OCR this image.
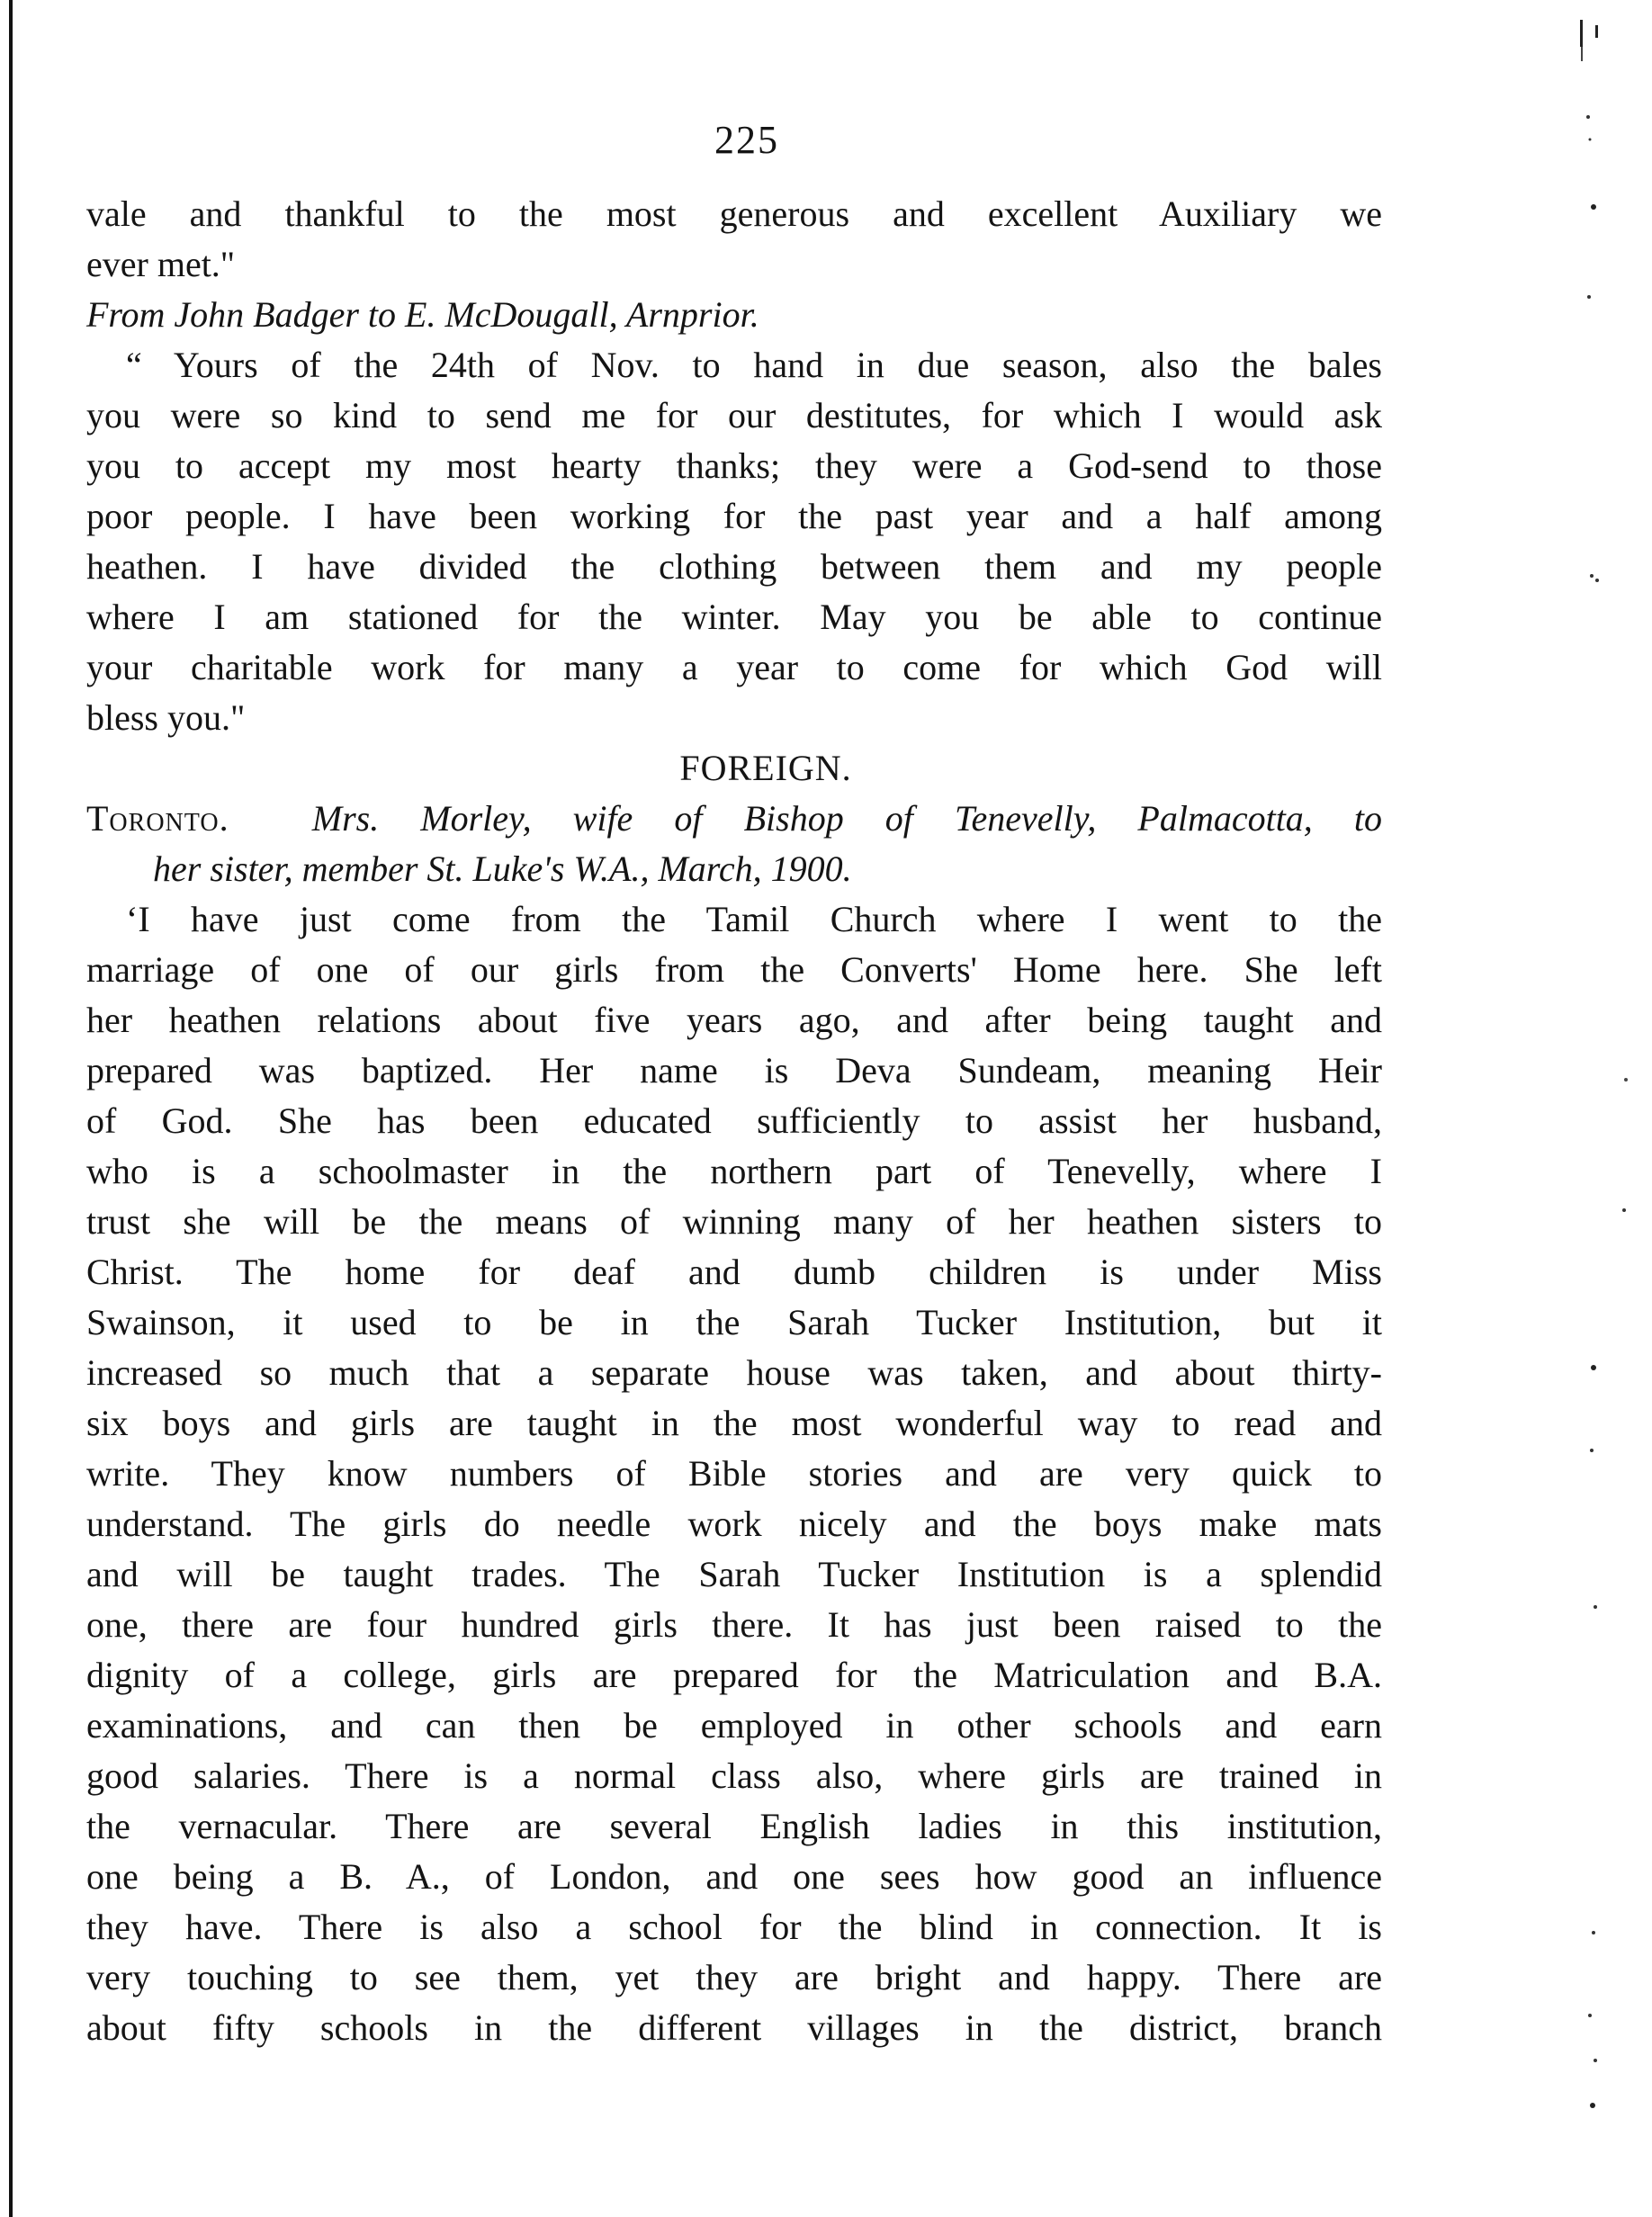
225
vale and thankful to the most generous and excellent Auxiliary we
ever met."
From John Badger to E. McDougall, Arnprior.
“ Yours of the 24th of Nov. to hand in due season, also the bales
you were so kind to send me for our destitutes, for which I would ask
you to accept my most hearty thanks; they were a God-send to those
poor people. I have been working for the past year and a half among
heathen. I have divided the clothing between them and my people
where I am stationed for the winter. May you be able to continue
your charitable work for many a year to come for which God will
bless you."
FOREIGN.
Toronto. Mrs. Morley, wife of Bishop of Tenevelly, Palmacotta, to
her sister, member St. Luke's W.A., March, 1900.
‘I have just come from the Tamil Church where I went to the
marriage of one of our girls from the Converts' Home here. She left
her heathen relations about five years ago, and after being taught and
prepared was baptized. Her name is Deva Sundeam, meaning Heir
of God. She has been educated sufficiently to assist her husband,
who is a schoolmaster in the northern part of Tenevelly, where I
trust she will be the means of winning many of her heathen sisters to
Christ. The home for deaf and dumb children is under Miss
Swainson, it used to be in the Sarah Tucker Institution, but it
increased so much that a separate house was taken, and about thirty-
six boys and girls are taught in the most wonderful way to read and
write. They know numbers of Bible stories and are very quick to
understand. The girls do needle work nicely and the boys make mats
and will be taught trades. The Sarah Tucker Institution is a splendid
one, there are four hundred girls there. It has just been raised to the
dignity of a college, girls are prepared for the Matriculation and B.A.
examinations, and can then be employed in other schools and earn
good salaries. There is a normal class also, where girls are trained in
the vernacular. There are several English ladies in this institution,
one being a B. A., of London, and one sees how good an influence
they have. There is also a school for the blind in connection. It is
very touching to see them, yet they are bright and happy. There are
about fifty schools in the different villages in the district, branch
